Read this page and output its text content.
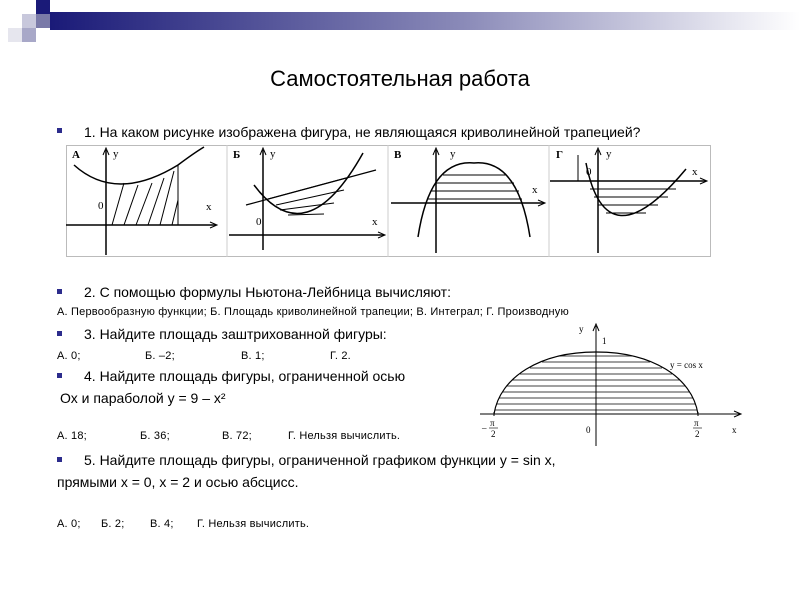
Самостоятельная работа
1. На каком рисунке изображена фигура, не являющаяся криволинейной трапецией?
А	у
х
0
Б	у
х
0
В	у
х
Г	у
х
0
2. С помощью формулы Ньютона-Лейбница вычисляют:
А. Первообразную функции; Б. Площадь криволинейной трапеции; В. Интеграл; Г. Производную
3. Найдите площадь заштрихованной фигуры:
А. 0;	Б. –2;	В. 1;	Г. 2.
4. Найдите площадь фигуры, ограниченной осью
Ох и параболой у = 9 – х²
А. 18;	Б. 36;	В. 72;	Г. Нельзя вычислить.
5. Найдите площадь фигуры, ограниченной графиком функции у = sin x,
прямыми x = 0, x = 2 и осью абсцисс.
А. 0; Б. 2; В. 4; Г. Нельзя вычислить.
у
1
0	х
у = cos x
– π
2
π
2
